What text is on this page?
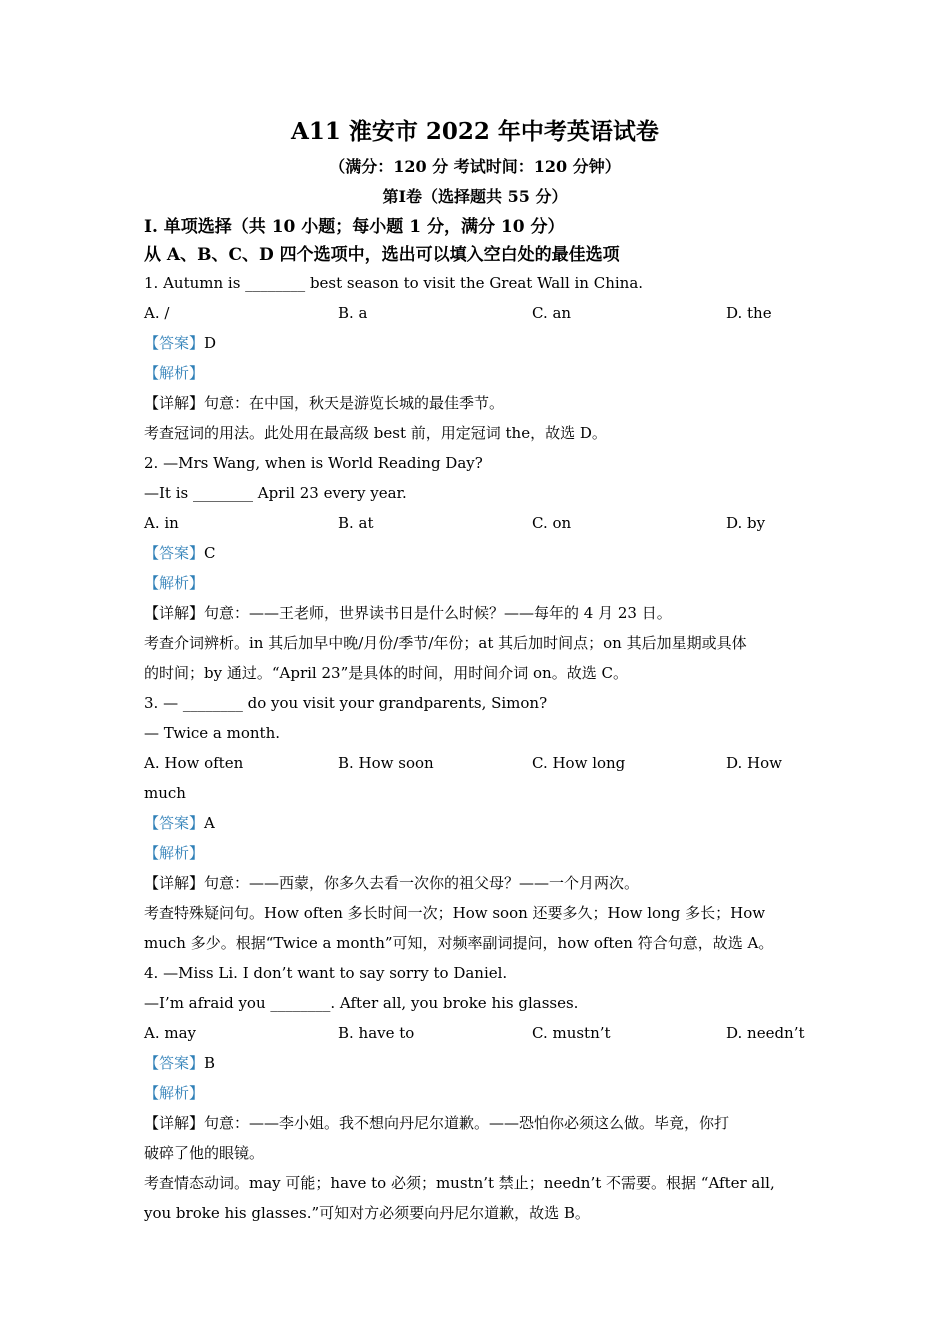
A11 淮安市 2022 年中考英语试卷
（满分：120 分 考试时间：120 分钟）
第Ⅰ卷（选择题共 55 分）
Ⅰ. 单项选择（共 10 小题；每小题 1 分，满分 10 分）
从 A、B、C、D 四个选项中，选出可以填入空白处的最佳选项
1. Autumn is ________ best season to visit the Great Wall in China.
A. /	B. a	C. an	D. the
【答案】D
【解析】
【详解】句意：在中国，秋天是游览长城的最佳季节。
考查冠词的用法。此处用在最高级 best 前，用定冠词 the，故选 D。
2. —Mrs Wang, when is World Reading Day?
—It is ________ April 23 every year.
A. in	B. at	C. on	D. by
【答案】C
【解析】
【详解】句意：——王老师，世界读书日是什么时候？——每年的 4 月 23 日。
考查介词辨析。in 其后加早中晚/月份/季节/年份；at 其后加时间点；on 其后加星期或具体
的时间；by 通过。“April 23”是具体的时间，用时间介词 on。故选 C。
3. — ________ do you visit your grandparents, Simon?
— Twice a month.
A. How often	B. How soon	C. How long	D. How
much
【答案】A
【解析】
【详解】句意：——西蒙，你多久去看一次你的祖父母？——一个月两次。
考查特殊疑问句。How often 多长时间一次；How soon 还要多久；How long 多长；How
much 多少。根据“Twice a month”可知，对频率副词提问，how often 符合句意，故选 A。
4. —Miss Li. I don’t want to say sorry to Daniel.
—I’m afraid you ________. After all, you broke his glasses.
A. may	B. have to	C. mustn’t	D. needn’t
【答案】B
【解析】
【详解】句意：——李小姐。我不想向丹尼尔道歉。——恐怕你必须这么做。毕竟，你打
破碎了他的眼镜。
考查情态动词。may 可能；have to 必须；mustn’t 禁止；needn’t 不需要。根据 “After all,
you broke his glasses.”可知对方必须要向丹尼尔道歉，故选 B。
